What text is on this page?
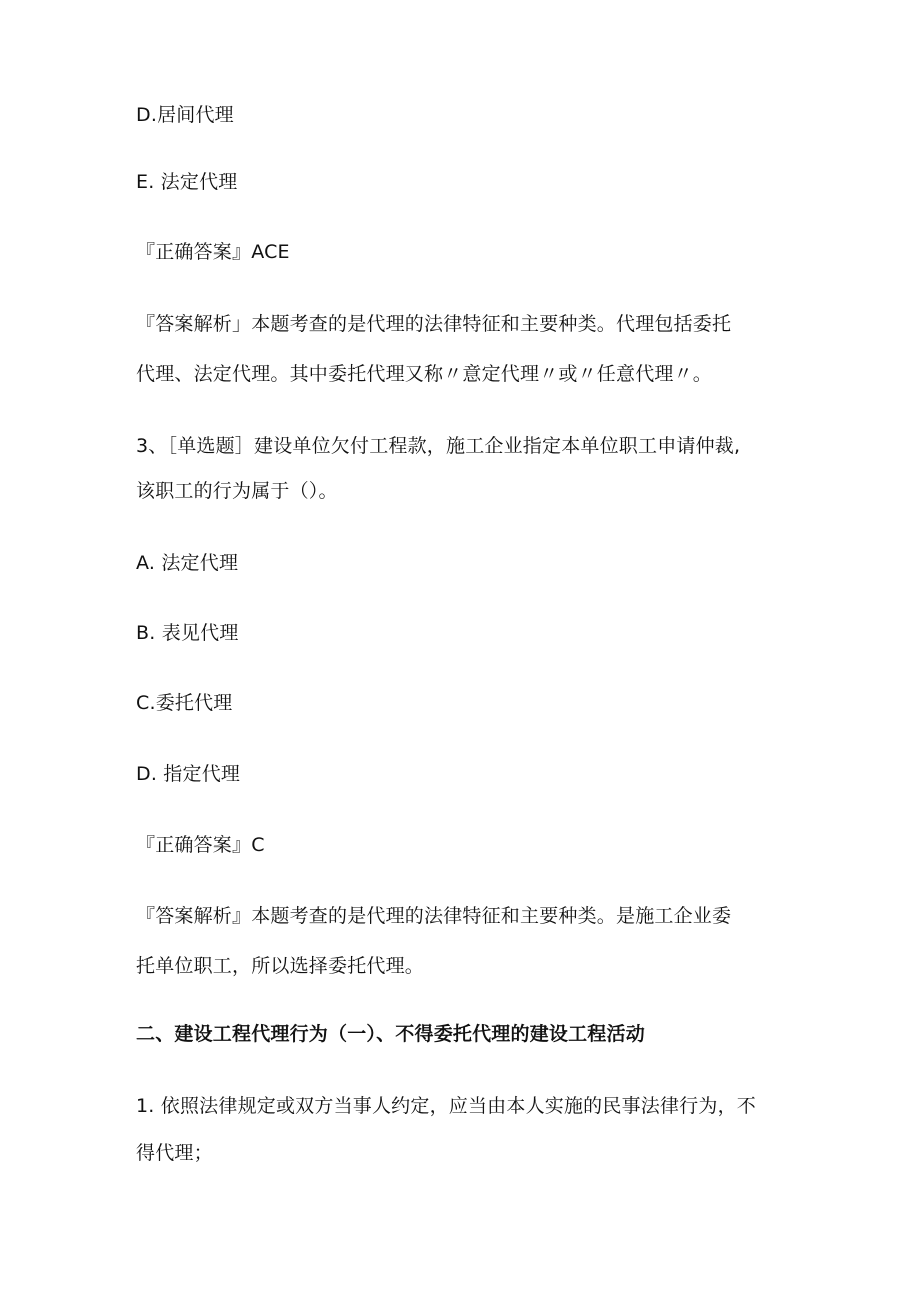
D.居间代理
E. 法定代理
『正确答案』ACE
『答案解析」本题考查的是代理的法律特征和主要种类。代理包括委托
代理、法定代理。其中委托代理又称〃意定代理〃或〃任意代理〃。
3、［单选题］建设单位欠付工程款，施工企业指定本单位职工申请仲裁,
该职工的行为属于（）。
A. 法定代理
B. 表见代理
C.委托代理
D. 指定代理
『正确答案』C
『答案解析』本题考查的是代理的法律特征和主要种类。是施工企业委
托单位职工，所以选择委托代理。
二、建设工程代理行为（一）、不得委托代理的建设工程活动
1. 依照法律规定或双方当事人约定，应当由本人实施的民事法律行为，不
得代理；
